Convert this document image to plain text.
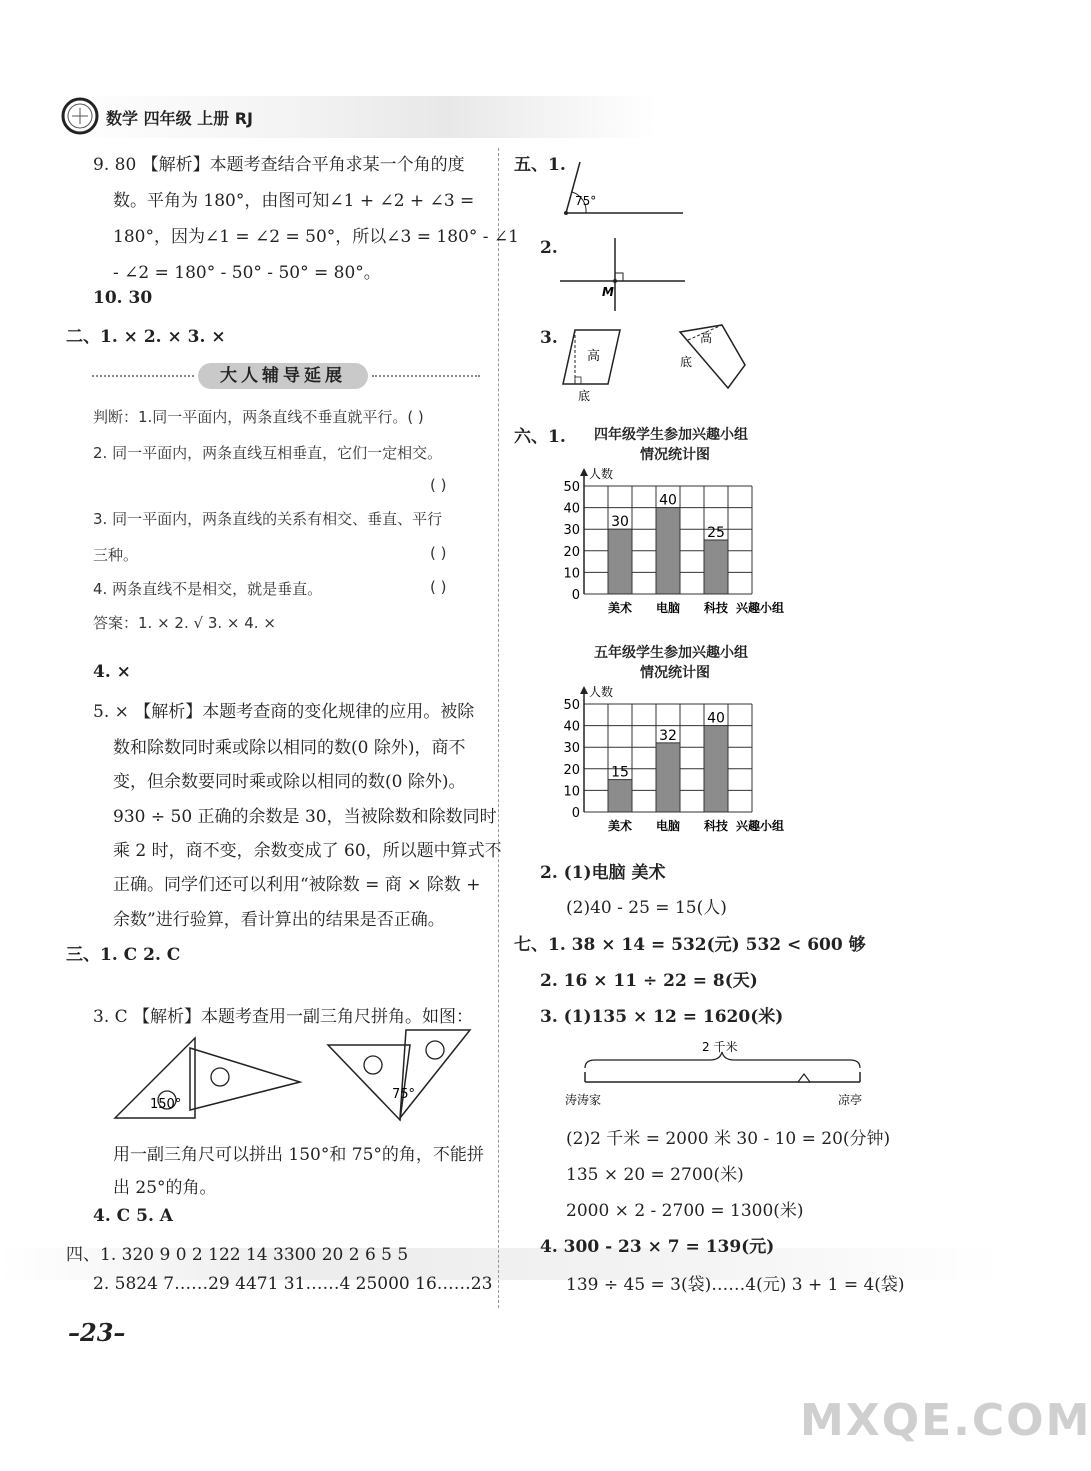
数学 四年级 上册 RJ
9. 80 【解析】本题考查结合平角求某一个角的度
数。平角为 180°，由图可知∠1 + ∠2 + ∠3 =
180°，因为∠1 = ∠2 = 50°，所以∠3 = 180° - ∠1
- ∠2 = 180° - 50° - 50° = 80°。
10. 30
二、1. × 2. × 3. ×
大人辅导延展
判断：1.同一平面内，两条直线不垂直就平行。( )
2. 同一平面内，两条直线互相垂直，它们一定相交。
( )
3. 同一平面内，两条直线的关系有相交、垂直、平行
三种。	( )
4. 两条直线不是相交，就是垂直。	( )
答案：1. × 2. √ 3. × 4. ×
4. ×
5. × 【解析】本题考查商的变化规律的应用。被除
数和除数同时乘或除以相同的数(0 除外)，商不
变，但余数要同时乘或除以相同的数(0 除外)。
930 ÷ 50 正确的余数是 30，当被除数和除数同时
乘 2 时，商不变，余数变成了 60，所以题中算式不
正确。同学们还可以利用“被除数 = 商 × 除数 +
余数”进行验算，看计算出的结果是否正确。
三、1. C 2. C
3. C 【解析】本题考查用一副三角尺拼角。如图：
150°
75°
用一副三角尺可以拼出 150°和 75°的角，不能拼
出 25°的角。
4. C 5. A
四、1. 320 9 0 2 122 14 3300 20 2 6 5 5
2. 5824 7……29 4471 31……4 25000 16……23
–23–
五、1.
75°
2.
M
3.
高
底
高
底
六、1. 四年级学生参加兴趣小组
情况统计图
0
10
20
30
40
50
人数
30
美术
40
电脑
25
科技 兴趣小组
五年级学生参加兴趣小组
情况统计图
0
10
20
30
40
50
人数
15
美术
32
电脑
40
科技 兴趣小组
2. (1)电脑 美术
(2)40 - 25 = 15(人)
七、1. 38 × 14 = 532(元) 532 < 600 够
2. 16 × 11 ÷ 22 = 8(天)
3. (1)135 × 12 = 1620(米)
2 千米
涛涛家	凉亭
(2)2 千米 = 2000 米 30 - 10 = 20(分钟)
135 × 20 = 2700(米)
2000 × 2 - 2700 = 1300(米)
4. 300 - 23 × 7 = 139(元)
139 ÷ 45 = 3(袋)……4(元) 3 + 1 = 4(袋)
MXQE.COM
